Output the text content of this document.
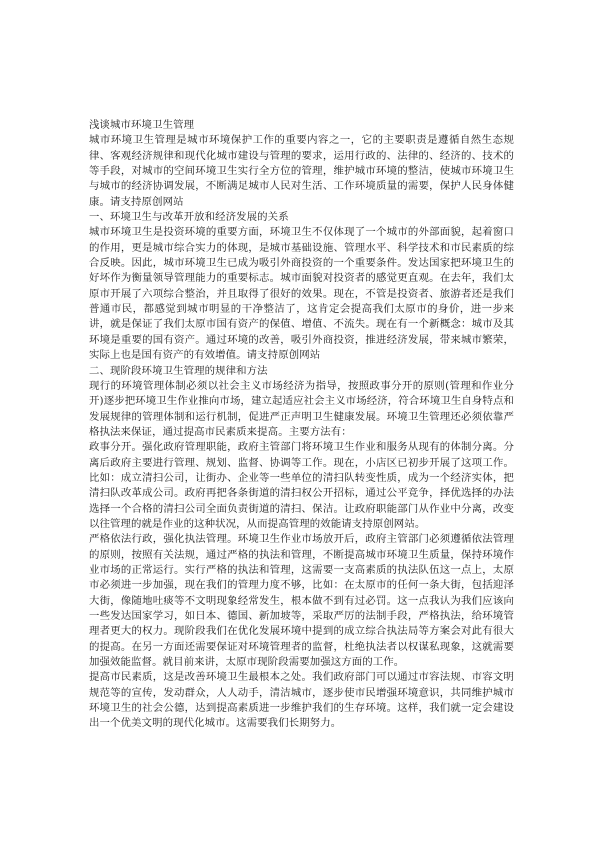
浅谈城市环境卫生管理

城市环境卫生管理是城市环境保护工作的重要内容之一，它的主要职责是遵循自然生态规律、客观经济规律和现代化城市建设与管理的要求，运用行政的、法律的、经济的、技术的等手段，对城市的空间环境卫生实行全方位的管理，维护城市环境的整洁，使城市环境卫生与城市的经济协调发展，不断满足城市人民对生活、工作环境质量的需要，保护人民身体健康。请支持原创网站

一、环境卫生与改革开放和经济发展的关系

城市环境卫生是投资环境的重要方面，环境卫生不仅体现了一个城市的外部面貌，起着窗口的作用，更是城市综合实力的体现，是城市基础设施、管理水平、科学技术和市民素质的综合反映。因此，城市环境卫生已成为吸引外商投资的一个重要条件。发达国家把环境卫生的好坏作为衡量领导管理能力的重要标志。城市面貌对投资者的感觉更直观。在去年，我们太原市开展了六项综合整治，并且取得了很好的效果。现在，不管是投资者、旅游者还是我们普通市民，都感觉到城市明显的干净整洁了，这肯定会提高我们太原市的身价，进一步来讲，就是保证了我们太原市国有资产的保值、增值、不流失。现在有一个新概念：城市及其环境是重要的国有资产。通过环境的改善，吸引外商投资，推进经济发展，带来城市繁荣，实际上也是国有资产的有效增值。请支持原创网站

二、现阶段环境卫生管理的规律和方法

现行的环境管理体制必须以社会主义市场经济为指导，按照政事分开的原则(管理和作业分开)逐步把环境卫生作业推向市场，建立起适应社会主义市场经济，符合环境卫生自身特点和发展规律的管理体制和运行机制，促进严正声明卫生健康发展。环境卫生管理还必须依靠严格执法来保证，通过提高市民素质来提高。主要方法有：

政事分开。强化政府管理职能，政府主管部门将环境卫生作业和服务从现有的体制分离。分离后政府主要进行管理、规划、监督、协调等工作。现在，小店区已初步开展了这项工作。比如：成立清扫公司，让街办、企业等一些单位的清扫队转变性质，成为一个经济实体，把清扫队改革成公司。政府再把各条街道的清扫权公开招标，通过公平竞争，择优选择的办法选择一个合格的清扫公司全面负责街道的清扫、保洁。让政府职能部门从作业中分离，改变以往管理的就是作业的这种状况，从而提高管理的效能请支持原创网站。

严格依法行政，强化执法管理。环境卫生作业市场放开后，政府主管部门必须遵循依法管理的原则，按照有关法规，通过严格的执法和管理，不断提高城市环境卫生质量，保持环境作业市场的正常运行。实行严格的执法和管理，这需要一支高素质的执法队伍这一点上，太原市必须进一步加强，现在我们的管理力度不够，比如：在太原市的任何一条大街，包括迎泽大街，像随地吐痰等不文明现象经常发生，根本做不到有过必罚。这一点我认为我们应该向一些发达国家学习，如日本、德国、新加坡等，采取严厉的法制手段，严格执法，给环境管理者更大的权力。现阶段我们在优化发展环境中提到的成立综合执法局等方案会对此有很大的提高。在另一方面还需要保证对环境管理者的监督，杜绝执法者以权谋私现象，这就需要加强效能监督。就目前来讲，太原市现阶段需要加强这方面的工作。

提高市民素质，这是改善环境卫生最根本之处。我们政府部门可以通过市容法规、市容文明规范等的宣传，发动群众，人人动手，清洁城市，逐步使市民增强环境意识，共同维护城市环境卫生的社会公德，达到提高素质进一步维护我们的生存环境。这样，我们就一定会建设出一个优美文明的现代化城市。这需要我们长期努力。
